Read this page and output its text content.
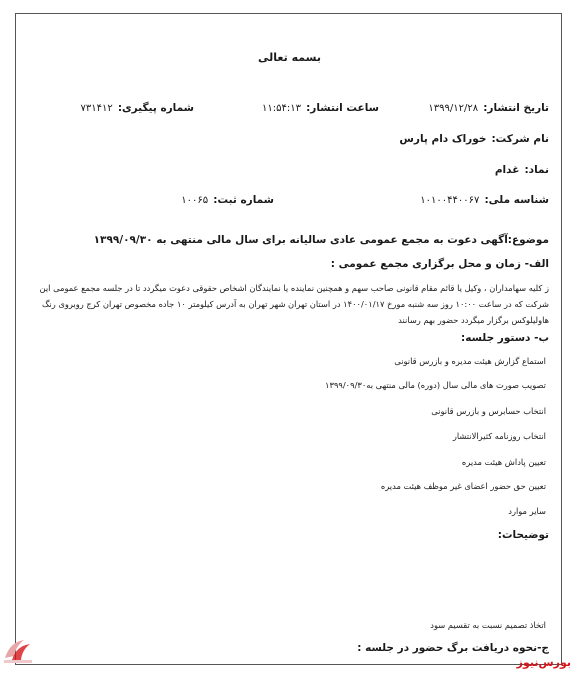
بسمه تعالی
تاریخ انتشار: ۱۳۹۹/۱۲/۲۸
ساعت انتشار: ۱۱:۵۴:۱۳
شماره پیگیری: ۷۳۱۴۱۲
نام شرکت: خوراک دام پارس
نماد: غدام
شناسه ملی: ۱۰۱۰۰۴۴۰۰۶۷
شماره ثبت: ۱۰۰۶۵
موضوع:آگهی دعوت به مجمع عمومی عادی سالیانه برای سال مالی منتهی به ۱۳۹۹/۰۹/۳۰
الف- زمان و محل برگزاری مجمع عمومی :
ز کلیه سهامداران ، وکیل یا قائم مقام قانونی صاحب سهم و همچنین نماینده یا نمایندگان اشخاص حقوقی دعوت میگردد تا در جلسه مجمع عمومی این شرکت که در ساعت ۱۰:۰۰ روز سه شنبه مورخ ۱۴۰۰/۰۱/۱۷ در استان تهران شهر تهران به آدرس کیلومتر ۱۰ جاده مخصوص تهران کرج روبروی رنگ هاولیلوکس برگزار میگردد حضور بهم رسانند
ب- دستور جلسه:
استماع گزارش هیئت مدیره و بازرس قانونی
تصویب صورت های مالی سال (دوره) مالی منتهی به۱۳۹۹/۰۹/۳۰
انتخاب حسابرس و بازرس قانونی
انتخاب روزنامه کثیرالانتشار
تعیین پاداش هیئت مدیره
تعیین حق حضور اعضای غیر موظف هیئت مدیره
سایر موارد
توضیحات:
اتخاذ تصمیم نسبت به تقسیم سود
ج-نحوه دریافت برگ حضور در جلسه :
بورس‌نیوز
